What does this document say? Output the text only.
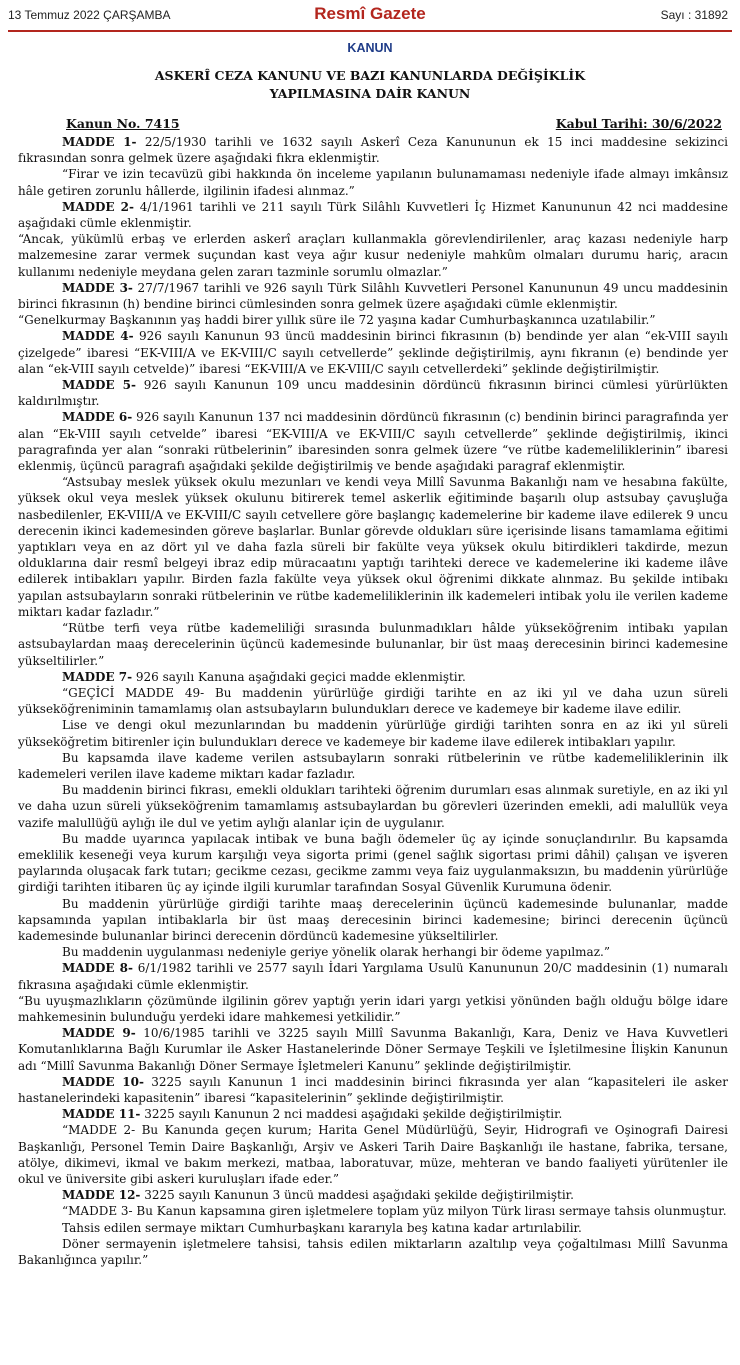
13 Temmuz 2022 ÇARŞAMBA	Resmî Gazete	Sayı : 31892
KANUN
ASKERÎ CEZA KANUNU VE BAZI KANUNLARDA DEĞİŞİKLİK
YAPILMASINA DAİR KANUN
Kanun No. 7415	Kabul Tarihi: 30/6/2022

MADDE 1- 22/5/1930 tarihli ve 1632 sayılı Askerî Ceza Kanununun ek 15 inci maddesine sekizinci fıkrasından sonra gelmek üzere aşağıdaki fıkra eklenmiştir.

“Firar ve izin tecavüzü gibi hakkında ön inceleme yapılanın bulunamaması nedeniyle ifade almayı imkânsız hâle getiren zorunlu hâllerde, ilgilinin ifadesi alınmaz.”

MADDE 2- 4/1/1961 tarihli ve 211 sayılı Türk Silâhlı Kuvvetleri İç Hizmet Kanununun 42 nci maddesine aşağıdaki cümle eklenmiştir.

“Ancak, yükümlü erbaş ve erlerden askerî araçları kullanmakla görevlendirilenler, araç kazası nedeniyle harp malzemesine zarar vermek suçundan kast veya ağır kusur nedeniyle mahkûm olmaları durumu hariç, aracın kullanımı nedeniyle meydana gelen zararı tazminle sorumlu olmazlar.”

MADDE 3- 27/7/1967 tarihli ve 926 sayılı Türk Silâhlı Kuvvetleri Personel Kanununun 49 uncu maddesinin birinci fıkrasının (h) bendine birinci cümlesinden sonra gelmek üzere aşağıdaki cümle eklenmiştir.

“Genelkurmay Başkanının yaş haddi birer yıllık süre ile 72 yaşına kadar Cumhurbaşkanınca uzatılabilir.”

MADDE 4- 926 sayılı Kanunun 93 üncü maddesinin birinci fıkrasının (b) bendinde yer alan “ek-VIII sayılı çizelgede” ibaresi “EK-VIII/A ve EK-VIII/C sayılı cetvellerde” şeklinde değiştirilmiş, aynı fıkranın (e) bendinde yer alan “ek-VIII sayılı cetvelde)” ibaresi “EK-VIII/A ve EK-VIII/C sayılı cetvellerdeki” şeklinde değiştirilmiştir.

MADDE 5- 926 sayılı Kanunun 109 uncu maddesinin dördüncü fıkrasının birinci cümlesi yürürlükten kaldırılmıştır.

MADDE 6- 926 sayılı Kanunun 137 nci maddesinin dördüncü fıkrasının (c) bendinin birinci paragrafında yer alan “Ek-VIII sayılı cetvelde” ibaresi “EK-VIII/A ve EK-VIII/C sayılı cetvellerde” şeklinde değiştirilmiş, ikinci paragrafında yer alan “sonraki rütbelerinin” ibaresinden sonra gelmek üzere “ve rütbe kademeliliklerinin” ibaresi eklenmiş, üçüncü paragrafı aşağıdaki şekilde değiştirilmiş ve bende aşağıdaki paragraf eklenmiştir.

“Astsubay meslek yüksek okulu mezunları ve kendi veya Millî Savunma Bakanlığı nam ve hesabına fakülte, yüksek okul veya meslek yüksek okulunu bitirerek temel askerlik eğitiminde başarılı olup astsubay çavuşluğa nasbedilenler, EK-VIII/A ve EK-VIII/C sayılı cetvellere göre başlangıç kademelerine bir kademe ilave edilerek 9 uncu derecenin ikinci kademesinden göreve başlarlar. Bunlar görevde oldukları süre içerisinde lisans tamamlama eğitimi yaptıkları veya en az dört yıl ve daha fazla süreli bir fakülte veya yüksek okulu bitirdikleri takdirde, mezun olduklarına dair resmî belgeyi ibraz edip müracaatını yaptığı tarihteki derece ve kademelerine iki kademe ilâve edilerek intibakları yapılır. Birden fazla fakülte veya yüksek okul öğrenimi dikkate alınmaz. Bu şekilde intibakı yapılan astsubayların sonraki rütbelerinin ve rütbe kademeliliklerinin ilk kademeleri intibak yolu ile verilen kademe miktarı kadar fazladır.”

“Rütbe terfi veya rütbe kademeliliği sırasında bulunmadıkları hâlde yükseköğrenim intibakı yapılan astsubaylardan maaş derecelerinin üçüncü kademesinde bulunanlar, bir üst maaş derecesinin birinci kademesine yükseltilirler.”

MADDE 7- 926 sayılı Kanuna aşağıdaki geçici madde eklenmiştir.

“GEÇİCİ MADDE 49- Bu maddenin yürürlüğe girdiği tarihte en az iki yıl ve daha uzun süreli yükseköğreniminin tamamlamış olan astsubayların bulundukları derece ve kademeye bir kademe ilave edilir.

Lise ve dengi okul mezunlarından bu maddenin yürürlüğe girdiği tarihten sonra en az iki yıl süreli yükseköğretim bitirenler için bulundukları derece ve kademeye bir kademe ilave edilerek intibakları yapılır.

Bu kapsamda ilave kademe verilen astsubayların sonraki rütbelerinin ve rütbe kademeliliklerinin ilk kademeleri verilen ilave kademe miktarı kadar fazladır.

Bu maddenin birinci fıkrası, emekli oldukları tarihteki öğrenim durumları esas alınmak suretiyle, en az iki yıl ve daha uzun süreli yükseköğrenim tamamlamış astsubaylardan bu görevleri üzerinden emekli, adi malullük veya vazife malullüğü aylığı ile dul ve yetim aylığı alanlar için de uygulanır.

Bu madde uyarınca yapılacak intibak ve buna bağlı ödemeler üç ay içinde sonuçlandırılır. Bu kapsamda emeklilik keseneği veya kurum karşılığı veya sigorta primi (genel sağlık sigortası primi dâhil) çalışan ve işveren paylarında oluşacak fark tutarı; gecikme cezası, gecikme zammı veya faiz uygulanmaksızın, bu maddenin yürürlüğe girdiği tarihten itibaren üç ay içinde ilgili kurumlar tarafından Sosyal Güvenlik Kurumuna ödenir.

Bu maddenin yürürlüğe girdiği tarihte maaş derecelerinin üçüncü kademesinde bulunanlar, madde kapsamında yapılan intibaklarla bir üst maaş derecesinin birinci kademesine; birinci derecenin üçüncü kademesinde bulunanlar birinci derecenin dördüncü kademesine yükseltilirler.

Bu maddenin uygulanması nedeniyle geriye yönelik olarak herhangi bir ödeme yapılmaz.”

MADDE 8- 6/1/1982 tarihli ve 2577 sayılı İdari Yargılama Usulü Kanununun 20/C maddesinin (1) numaralı fıkrasına aşağıdaki cümle eklenmiştir.

“Bu uyuşmazlıkların çözümünde ilgilinin görev yaptığı yerin idari yargı yetkisi yönünden bağlı olduğu bölge idare mahkemesinin bulunduğu yerdeki idare mahkemesi yetkilidir.”

MADDE 9- 10/6/1985 tarihli ve 3225 sayılı Millî Savunma Bakanlığı, Kara, Deniz ve Hava Kuvvetleri Komutanlıklarına Bağlı Kurumlar ile Asker Hastanelerinde Döner Sermaye Teşkili ve İşletilmesine İlişkin Kanunun adı “Millî Savunma Bakanlığı Döner Sermaye İşletmeleri Kanunu” şeklinde değiştirilmiştir.

MADDE 10- 3225 sayılı Kanunun 1 inci maddesinin birinci fıkrasında yer alan “kapasiteleri ile asker hastanelerindeki kapasitenin” ibaresi “kapasitelerinin” şeklinde değiştirilmiştir.

MADDE 11- 3225 sayılı Kanunun 2 nci maddesi aşağıdaki şekilde değiştirilmiştir.

“MADDE 2- Bu Kanunda geçen kurum; Harita Genel Müdürlüğü, Seyir, Hidrografi ve Oşinografi Dairesi Başkanlığı, Personel Temin Daire Başkanlığı, Arşiv ve Askeri Tarih Daire Başkanlığı ile hastane, fabrika, tersane, atölye, dikimevi, ikmal ve bakım merkezi, matbaa, laboratuvar, müze, mehteran ve bando faaliyeti yürütenler ile okul ve üniversite gibi askeri kuruluşları ifade eder.”

MADDE 12- 3225 sayılı Kanunun 3 üncü maddesi aşağıdaki şekilde değiştirilmiştir.

“MADDE 3- Bu Kanun kapsamına giren işletmelere toplam yüz milyon Türk lirası sermaye tahsis olunmuştur.

Tahsis edilen sermaye miktarı Cumhurbaşkanı kararıyla beş katına kadar artırılabilir.

Döner sermayenin işletmelere tahsisi, tahsis edilen miktarların azaltılıp veya çoğaltılması Millî Savunma Bakanlığınca yapılır.”
